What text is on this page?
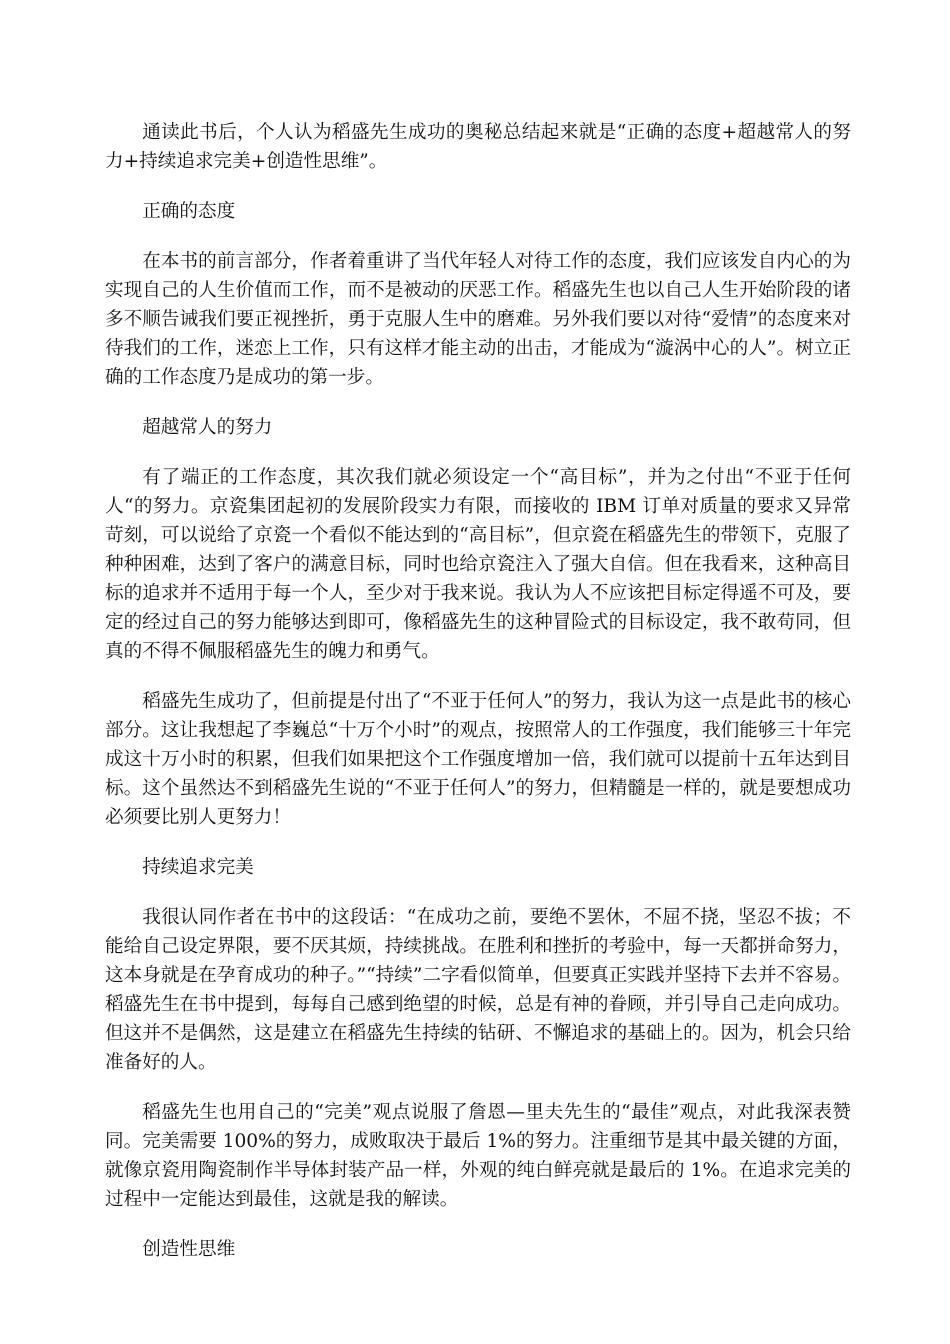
通读此书后，个人认为稻盛先生成功的奥秘总结起来就是“正确的态度+超越常人的努力+持续追求完美+创造性思维”。

正确的态度

在本书的前言部分，作者着重讲了当代年轻人对待工作的态度，我们应该发自内心的为实现自己的人生价值而工作，而不是被动的厌恶工作。稻盛先生也以自己人生开始阶段的诸多不顺告诫我们要正视挫折，勇于克服人生中的磨难。另外我们要以对待“爱情”的态度来对待我们的工作，迷恋上工作，只有这样才能主动的出击，才能成为“漩涡中心的人”。树立正确的工作态度乃是成功的第一步。

超越常人的努力

有了端正的工作态度，其次我们就必须设定一个“高目标”，并为之付出“不亚于任何人“的努力。京瓷集团起初的发展阶段实力有限，而接收的 IBM 订单对质量的要求又异常苛刻，可以说给了京瓷一个看似不能达到的“高目标”，但京瓷在稻盛先生的带领下，克服了种种困难，达到了客户的满意目标，同时也给京瓷注入了强大自信。但在我看来，这种高目标的追求并不适用于每一个人，至少对于我来说。我认为人不应该把目标定得遥不可及，要定的经过自己的努力能够达到即可，像稻盛先生的这种冒险式的目标设定，我不敢苟同，但真的不得不佩服稻盛先生的魄力和勇气。

稻盛先生成功了，但前提是付出了“不亚于任何人”的努力，我认为这一点是此书的核心部分。这让我想起了李巍总“十万个小时”的观点，按照常人的工作强度，我们能够三十年完成这十万小时的积累，但我们如果把这个工作强度增加一倍，我们就可以提前十五年达到目标。这个虽然达不到稻盛先生说的“不亚于任何人”的努力，但精髓是一样的，就是要想成功必须要比别人更努力！

持续追求完美

我很认同作者在书中的这段话：“在成功之前，要绝不罢休，不屈不挠，坚忍不拔；不能给自己设定界限，要不厌其烦，持续挑战。在胜利和挫折的考验中，每一天都拼命努力，这本身就是在孕育成功的种子。”“持续”二字看似简单，但要真正实践并坚持下去并不容易。稻盛先生在书中提到，每每自己感到绝望的时候，总是有神的眷顾，并引导自己走向成功。但这并不是偶然，这是建立在稻盛先生持续的钻研、不懈追求的基础上的。因为，机会只给准备好的人。

稻盛先生也用自己的“完美”观点说服了詹恩—里夫先生的“最佳”观点，对此我深表赞同。完美需要 100%的努力，成败取决于最后 1%的努力。注重细节是其中最关键的方面，就像京瓷用陶瓷制作半导体封装产品一样，外观的纯白鲜亮就是最后的 1%。在追求完美的过程中一定能达到最佳，这就是我的解读。

创造性思维
